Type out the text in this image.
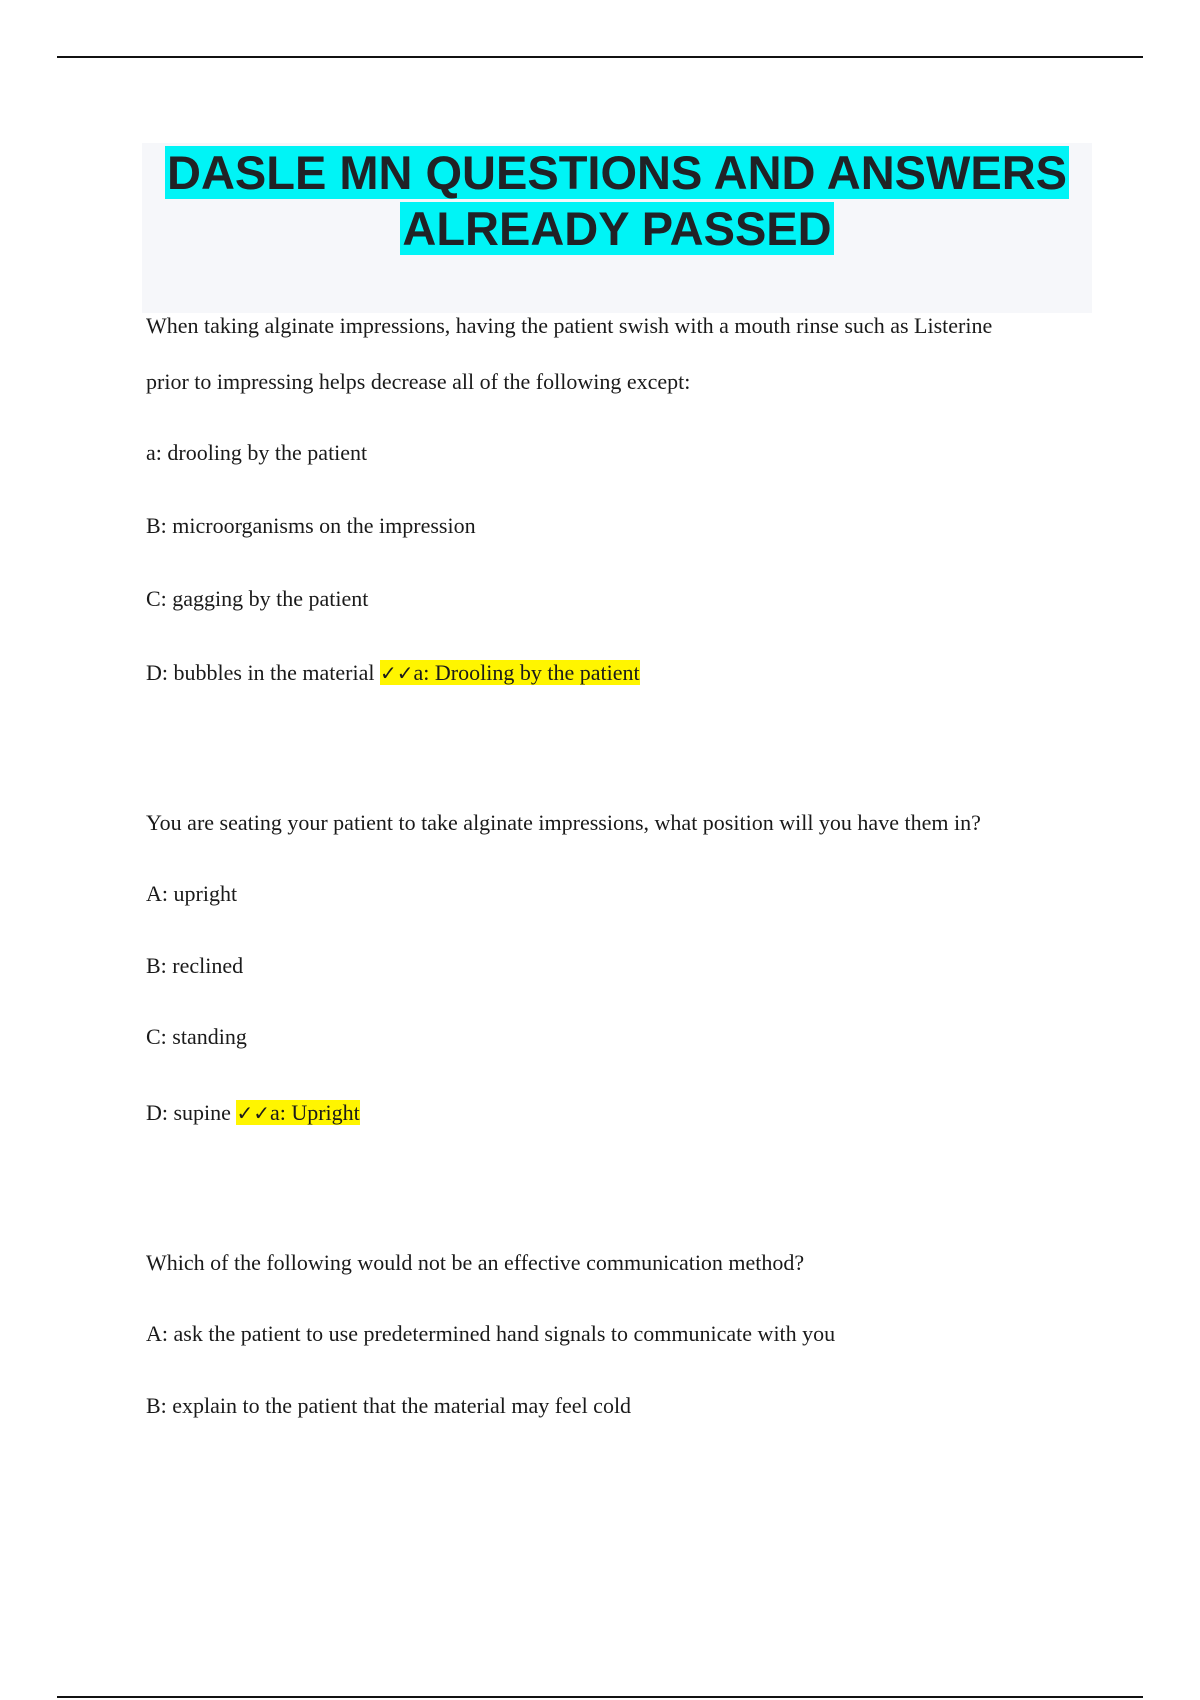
DASLE MN QUESTIONS AND ANSWERS
ALREADY PASSED

When taking alginate impressions, having the patient swish with a mouth rinse such as Listerine

prior to impressing helps decrease all of the following except:

a: drooling by the patient

B: microorganisms on the impression

C: gagging by the patient

D: bubbles in the material ✓✓a: Drooling by the patient

You are seating your patient to take alginate impressions, what position will you have them in?

A: upright

B: reclined

C: standing

D: supine ✓✓a: Upright

Which of the following would not be an effective communication method?

A: ask the patient to use predetermined hand signals to communicate with you

B: explain to the patient that the material may feel cold
